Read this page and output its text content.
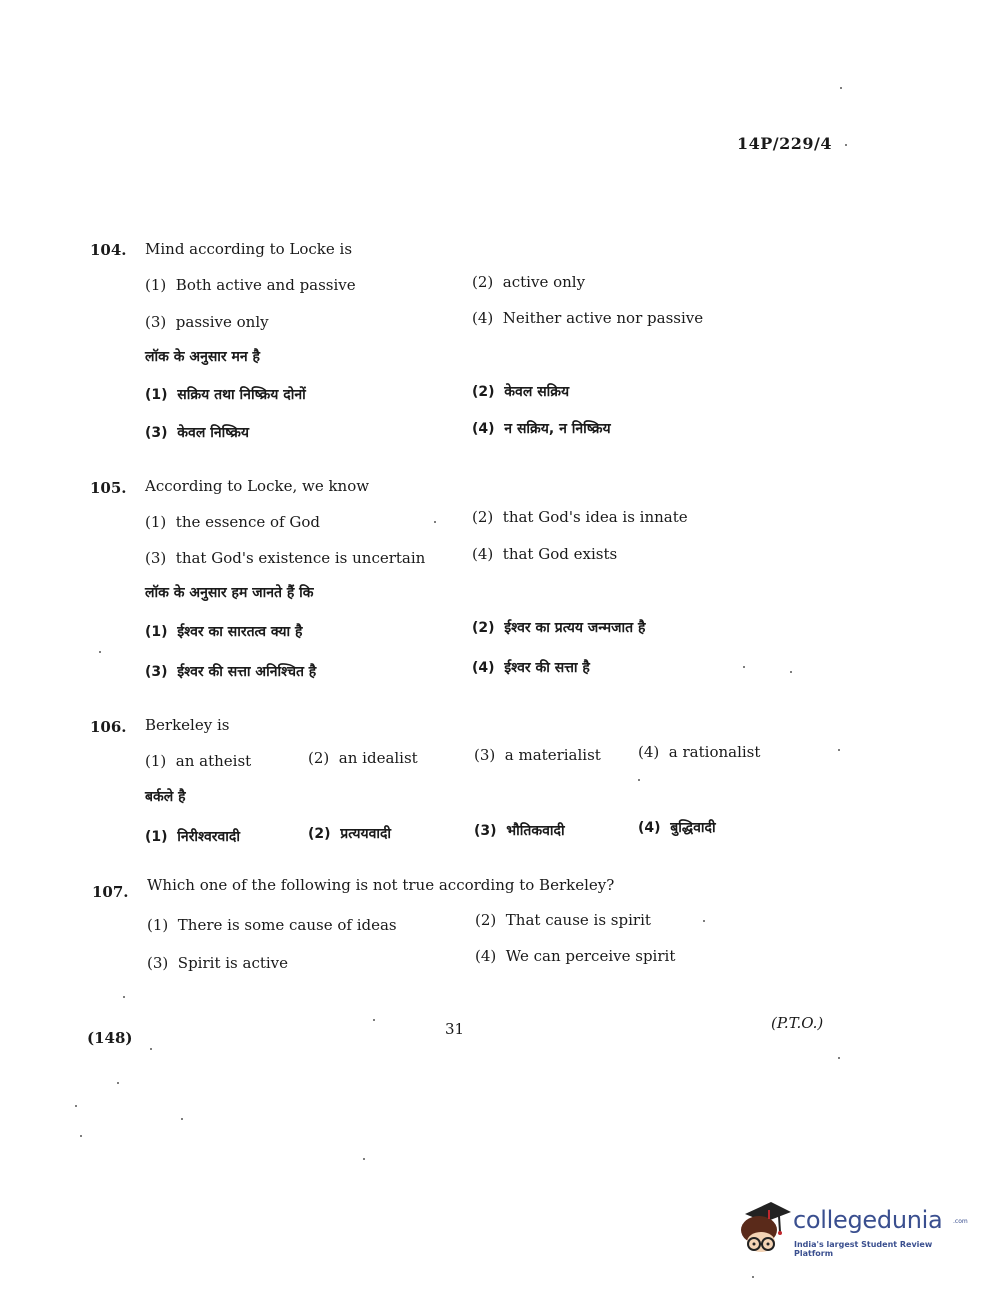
14P/229/4
104. Mind according to Locke is
(1) Both active and passive	(2) active only
(3) passive only	(4) Neither active nor passive
लॉक के अनुसार मन है
(1) सक्रिय तथा निष्क्रिय दोनों	(2) केवल सक्रिय
(3) केवल निष्क्रिय	(4) न सक्रिय, न निष्क्रिय
105. According to Locke, we know
(1) the essence of God	(2) that God's idea is innate
(3) that God's existence is uncertain	(4) that God exists
लॉक के अनुसार हम जानते हैं कि
(1) ईश्वर का सारतत्व क्या है	(2) ईश्वर का प्रत्यय जन्मजात है
(3) ईश्वर की सत्ता अनिश्चित है	(4) ईश्वर की सत्ता है
106. Berkeley is
(1) an atheist	(2) an idealist	(3) a materialist (4) a rationalist
बर्कले है
(1) निरीश्वरवादी	(2) प्रत्ययवादी	(3) भौतिकवादी	(4) बुद्धिवादी
107. Which one of the following is not true according to Berkeley?
(1) There is some cause of ideas	(2) That cause is spirit
(3) Spirit is active	(4) We can perceive spirit
(148)	31	(P.T.O.)
collegedunia .com
India's largest Student Review Platform
